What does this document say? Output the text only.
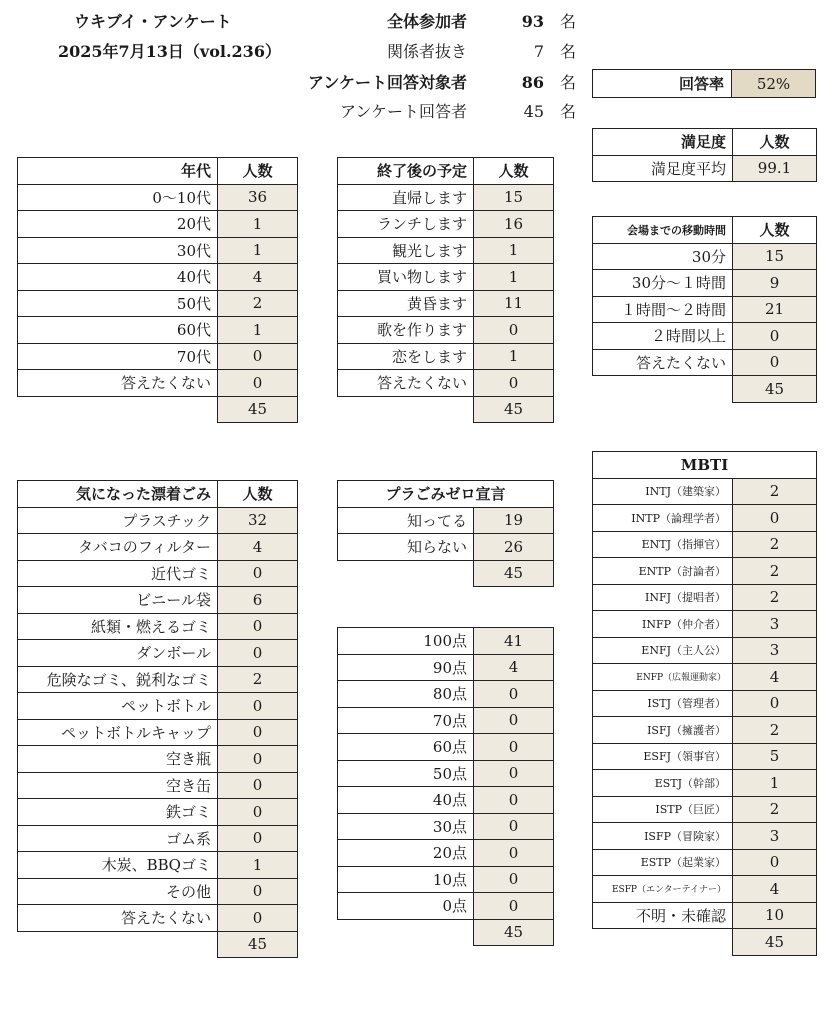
ウキブイ・アンケート
2025年7月13日（vol.236）
全体参加者	93 名
関係者抜き	7 名
アンケート回答対象者	86 名
アンケート回答者	45 名
回答率	52%
満足度	人数
満足度平均	99.1
年代	人数
0〜10代	36
20代	1
30代	1
40代	4
50代	2
60代	1
70代	0
答えたくない	0
	45
終了後の予定	人数
直帰します	15
ランチします	16
観光します	1
買い物します	1
黄昏ます	11
歌を作ります	0
恋をします	1
答えたくない	0
	45
会場までの移動時間	人数
30分	15
30分〜１時間	9
１時間〜２時間	21
２時間以上	0
答えたくない	0
	45
気になった漂着ごみ	人数
プラスチック	32
タバコのフィルター	4
近代ゴミ	0
ビニール袋	6
紙類・燃えるゴミ	0
ダンボール	0
危険なゴミ、鋭利なゴミ	2
ペットボトル	0
ペットボトルキャップ	0
空き瓶	0
空き缶	0
鉄ゴミ	0
ゴム系	0
木炭、BBQゴミ	1
その他	0
答えたくない	0
	45
プラごみゼロ宣言	
知ってる	19
知らない	26
	45
100点	41
90点	4
80点	0
70点	0
60点	0
50点	0
40点	0
30点	0
20点	0
10点	0
0点	0
	45
MBTI	
INTJ（建築家）	2
INTP（論理学者）	0
ENTJ（指揮官）	2
ENTP（討論者）	2
INFJ（提唱者）	2
INFP（仲介者）	3
ENFJ（主人公）	3
ENFP（広報運動家）	4
ISTJ（管理者）	0
ISFJ（擁護者）	2
ESFJ（領事官）	5
ESTJ（幹部）	1
ISTP（巨匠）	2
ISFP（冒険家）	3
ESTP（起業家）	0
ESFP（エンターテイナー）	4
不明・未確認	10
	45
